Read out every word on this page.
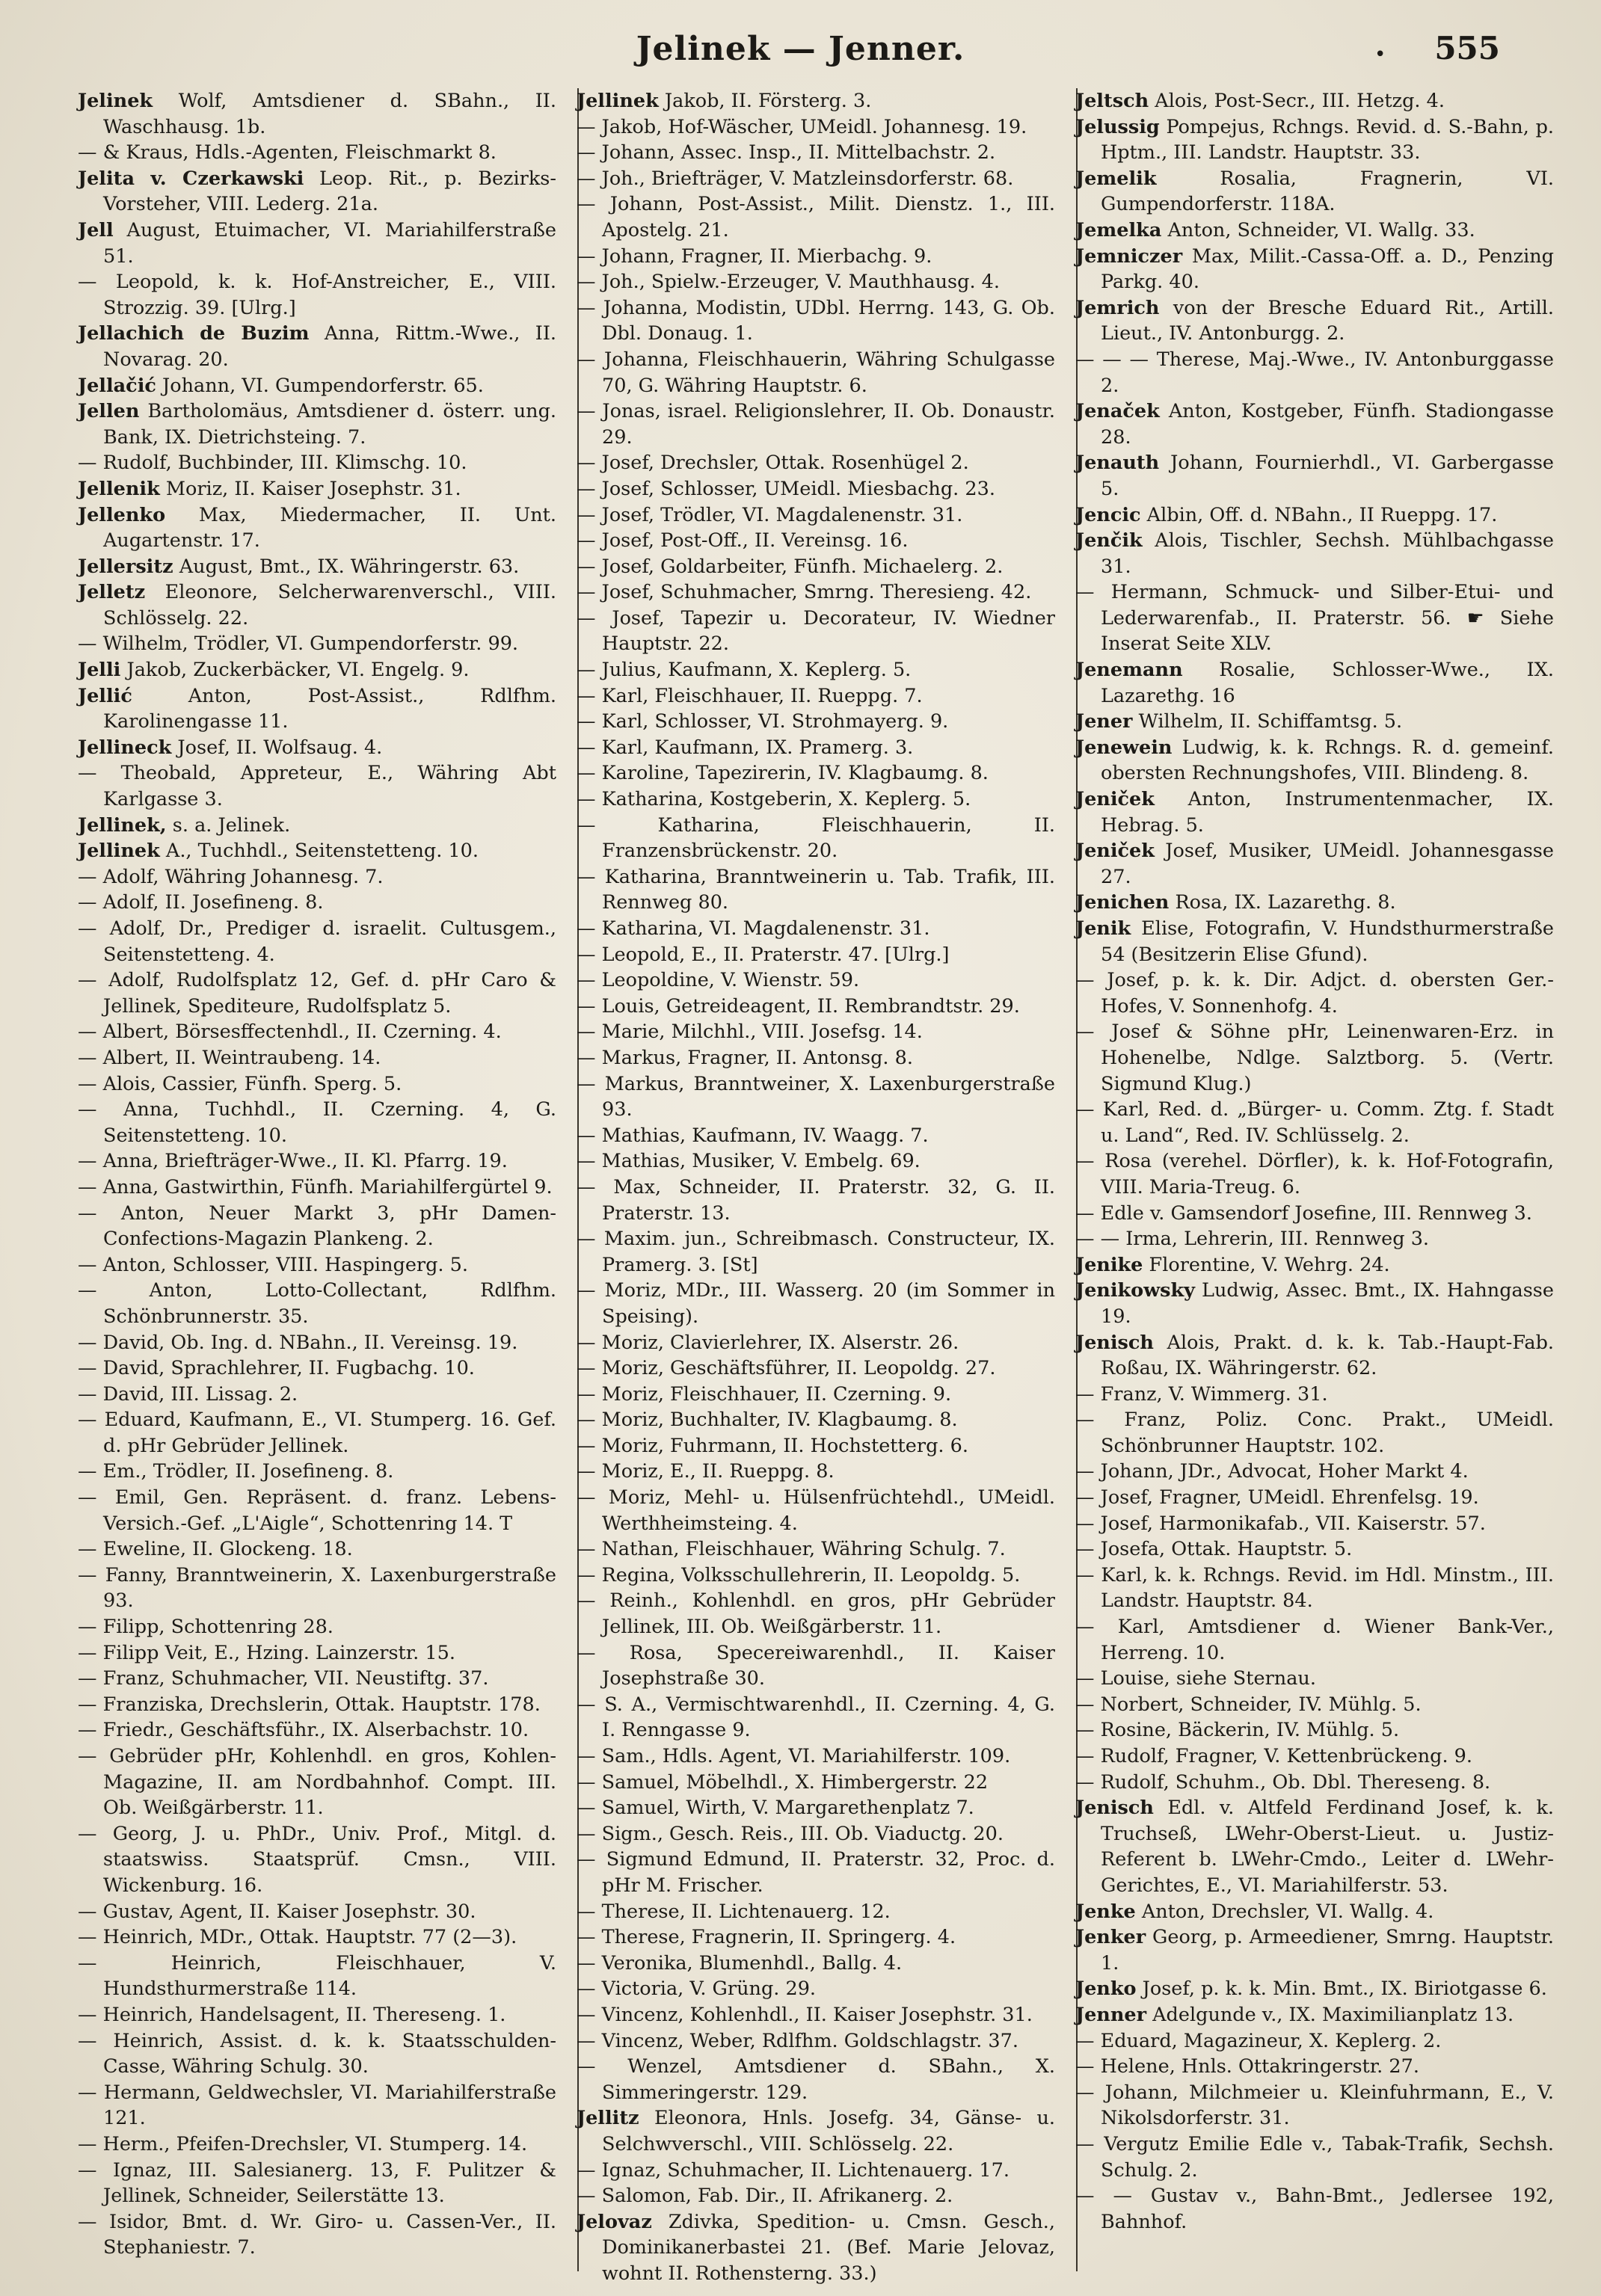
Jelinek — Jenner.	• 555

Jelinek Wolf, Amtsdiener d. SBahn., II. Waschhausg. 1b.

— & Kraus, Hdls.-Agenten, Fleischmarkt 8.

Jelita v. Czerkawski Leop. Rit., p. Bezirks-Vorsteher, VIII. Lederg. 21a.

Jell August, Etuimacher, VI. Mariahilferstraße 51.

— Leopold, k. k. Hof-Anstreicher, E., VIII. Strozzig. 39. [Ulrg.]

Jellachich de Buzim Anna, Rittm.-Wwe., II. Novarag. 20.

Jellačić Johann, VI. Gumpendorferstr. 65.

Jellen Bartholomäus, Amtsdiener d. österr. ung. Bank, IX. Dietrichsteing. 7.

— Rudolf, Buchbinder, III. Klimschg. 10.

Jellenik Moriz, II. Kaiser Josephstr. 31.

Jellenko Max, Miedermacher, II. Unt. Augartenstr. 17.

Jellersitz August, Bmt., IX. Währingerstr. 63.

Jelletz Eleonore, Selcherwarenverschl., VIII. Schlösselg. 22.

— Wilhelm, Trödler, VI. Gumpendorferstr. 99.

Jelli Jakob, Zuckerbäcker, VI. Engelg. 9.

Jellić Anton, Post-Assist., Rdlfhm. Karolinengasse 11.

Jellineck Josef, II. Wolfsaug. 4.

— Theobald, Appreteur, E., Währing Abt Karlgasse 3.

Jellinek, s. a. Jelinek.

Jellinek A., Tuchhdl., Seitenstetteng. 10.

— Adolf, Währing Johannesg. 7.

— Adolf, II. Josefineng. 8.

— Adolf, Dr., Prediger d. israelit. Cultusgem., Seitenstetteng. 4.

— Adolf, Rudolfsplatz 12, Gef. d. pHr Caro & Jellinek, Spediteure, Rudolfsplatz 5.

— Albert, Börsesffectenhdl., II. Czerning. 4.

— Albert, II. Weintraubeng. 14.

— Alois, Cassier, Fünfh. Sperg. 5.

— Anna, Tuchhdl., II. Czerning. 4, G. Seitenstetteng. 10.

— Anna, Briefträger-Wwe., II. Kl. Pfarrg. 19.

— Anna, Gastwirthin, Fünfh. Mariahilfergürtel 9.

— Anton, Neuer Markt 3, pHr Damen-Confections-Magazin Plankeng. 2.

— Anton, Schlosser, VIII. Haspingerg. 5.

— Anton, Lotto-Collectant, Rdlfhm. Schönbrunnerstr. 35.

— David, Ob. Ing. d. NBahn., II. Vereinsg. 19.

— David, Sprachlehrer, II. Fugbachg. 10.

— David, III. Lissag. 2.

— Eduard, Kaufmann, E., VI. Stumperg. 16. Gef. d. pHr Gebrüder Jellinek.

— Em., Trödler, II. Josefineng. 8.

— Emil, Gen. Repräsent. d. franz. Lebens-Versich.-Gef. „L'Aigle“, Schottenring 14. T

— Eweline, II. Glockeng. 18.

— Fanny, Branntweinerin, X. Laxenburgerstraße 93.

— Filipp, Schottenring 28.

— Filipp Veit, E., Hzing. Lainzerstr. 15.

— Franz, Schuhmacher, VII. Neustiftg. 37.

— Franziska, Drechslerin, Ottak. Hauptstr. 178.

— Friedr., Geschäftsführ., IX. Alserbachstr. 10.

— Gebrüder pHr, Kohlenhdl. en gros, Kohlen-Magazine, II. am Nordbahnhof. Compt. III. Ob. Weißgärberstr. 11.

— Georg, J. u. PhDr., Univ. Prof., Mitgl. d. staatswiss. Staatsprüf. Cmsn., VIII. Wickenburg. 16.

— Gustav, Agent, II. Kaiser Josephstr. 30.

— Heinrich, MDr., Ottak. Hauptstr. 77 (2—3).

— Heinrich, Fleischhauer, V. Hundsthurmerstraße 114.

— Heinrich, Handelsagent, II. Thereseng. 1.

— Heinrich, Assist. d. k. k. Staatsschulden-Casse, Währing Schulg. 30.

— Hermann, Geldwechsler, VI. Mariahilferstraße 121.

— Herm., Pfeifen-Drechsler, VI. Stumperg. 14.

— Ignaz, III. Salesianerg. 13, F. Pulitzer & Jellinek, Schneider, Seilerstätte 13.

— Isidor, Bmt. d. Wr. Giro- u. Cassen-Ver., II. Stephaniestr. 7.

Jellinek Jakob, II. Försterg. 3.

— Jakob, Hof-Wäscher, UMeidl. Johannesg. 19.

— Johann, Assec. Insp., II. Mittelbachstr. 2.

— Joh., Briefträger, V. Matzleinsdorferstr. 68.

— Johann, Post-Assist., Milit. Dienstz. 1., III. Apostelg. 21.

— Johann, Fragner, II. Mierbachg. 9.

— Joh., Spielw.-Erzeuger, V. Mauthhausg. 4.

— Johanna, Modistin, UDbl. Herrng. 143, G. Ob. Dbl. Donaug. 1.

— Johanna, Fleischhauerin, Währing Schulgasse 70, G. Währing Hauptstr. 6.

— Jonas, israel. Religionslehrer, II. Ob. Donaustr. 29.

— Josef, Drechsler, Ottak. Rosenhügel 2.

— Josef, Schlosser, UMeidl. Miesbachg. 23.

— Josef, Trödler, VI. Magdalenenstr. 31.

— Josef, Post-Off., II. Vereinsg. 16.

— Josef, Goldarbeiter, Fünfh. Michaelerg. 2.

— Josef, Schuhmacher, Smrng. Theresieng. 42.

— Josef, Tapezir u. Decorateur, IV. Wiedner Hauptstr. 22.

— Julius, Kaufmann, X. Keplerg. 5.

— Karl, Fleischhauer, II. Rueppg. 7.

— Karl, Schlosser, VI. Strohmayerg. 9.

— Karl, Kaufmann, IX. Pramerg. 3.

— Karoline, Tapezirerin, IV. Klagbaumg. 8.

— Katharina, Kostgeberin, X. Keplerg. 5.

— Katharina, Fleischhauerin, II. Franzensbrückenstr. 20.

— Katharina, Branntweinerin u. Tab. Trafik, III. Rennweg 80.

— Katharina, VI. Magdalenenstr. 31.

— Leopold, E., II. Praterstr. 47. [Ulrg.]

— Leopoldine, V. Wienstr. 59.

— Louis, Getreideagent, II. Rembrandtstr. 29.

— Marie, Milchhl., VIII. Josefsg. 14.

— Markus, Fragner, II. Antonsg. 8.

— Markus, Branntweiner, X. Laxenburgerstraße 93.

— Mathias, Kaufmann, IV. Waagg. 7.

— Mathias, Musiker, V. Embelg. 69.

— Max, Schneider, II. Praterstr. 32, G. II. Praterstr. 13.

— Maxim. jun., Schreibmasch. Constructeur, IX. Pramerg. 3. [St]

— Moriz, MDr., III. Wasserg. 20 (im Sommer in Speising).

— Moriz, Clavierlehrer, IX. Alserstr. 26.

— Moriz, Geschäftsführer, II. Leopoldg. 27.

— Moriz, Fleischhauer, II. Czerning. 9.

— Moriz, Buchhalter, IV. Klagbaumg. 8.

— Moriz, Fuhrmann, II. Hochstetterg. 6.

— Moriz, E., II. Rueppg. 8.

— Moriz, Mehl- u. Hülsenfrüchtehdl., UMeidl. Werthheimsteing. 4.

— Nathan, Fleischhauer, Währing Schulg. 7.

— Regina, Volksschullehrerin, II. Leopoldg. 5.

— Reinh., Kohlenhdl. en gros, pHr Gebrüder Jellinek, III. Ob. Weißgärberstr. 11.

— Rosa, Specereiwarenhdl., II. Kaiser Josephstraße 30.

— S. A., Vermischtwarenhdl., II. Czerning. 4, G. I. Renngasse 9.

— Sam., Hdls. Agent, VI. Mariahilferstr. 109.

— Samuel, Möbelhdl., X. Himbergerstr. 22

— Samuel, Wirth, V. Margarethenplatz 7.

— Sigm., Gesch. Reis., III. Ob. Viaductg. 20.

— Sigmund Edmund, II. Praterstr. 32, Proc. d. pHr M. Frischer.

— Therese, II. Lichtenauerg. 12.

— Therese, Fragnerin, II. Springerg. 4.

— Veronika, Blumenhdl., Ballg. 4.

— Victoria, V. Grüng. 29.

— Vincenz, Kohlenhdl., II. Kaiser Josephstr. 31.

— Vincenz, Weber, Rdlfhm. Goldschlagstr. 37.

— Wenzel, Amtsdiener d. SBahn., X. Simmeringerstr. 129.

Jellitz Eleonora, Hnls. Josefg. 34, Gänse- u. Selchwverschl., VIII. Schlösselg. 22.

— Ignaz, Schuhmacher, II. Lichtenauerg. 17.

— Salomon, Fab. Dir., II. Afrikanerg. 2.

Jelovaz Zdivka, Spedition- u. Cmsn. Gesch., Dominikanerbastei 21. (Bef. Marie Jelovaz, wohnt II. Rothensterng. 33.)

Jeltsch Alois, Post-Secr., III. Hetzg. 4.

Jelussig Pompejus, Rchngs. Revid. d. S.-Bahn, p. Hptm., III. Landstr. Hauptstr. 33.

Jemelik Rosalia, Fragnerin, VI. Gumpendorferstr. 118A.

Jemelka Anton, Schneider, VI. Wallg. 33.

Jemniczer Max, Milit.-Cassa-Off. a. D., Penzing Parkg. 40.

Jemrich von der Bresche Eduard Rit., Artill. Lieut., IV. Antonburgg. 2.

— — — Therese, Maj.-Wwe., IV. Antonburggasse 2.

Jenaček Anton, Kostgeber, Fünfh. Stadiongasse 28.

Jenauth Johann, Fournierhdl., VI. Garbergasse 5.

Jencic Albin, Off. d. NBahn., II Rueppg. 17.

Jenčik Alois, Tischler, Sechsh. Mühlbachgasse 31.

— Hermann, Schmuck- und Silber-Etui- und Lederwarenfab., II. Praterstr. 56. ☛ Siehe Inserat Seite XLV.

Jenemann Rosalie, Schlosser-Wwe., IX. Lazarethg. 16

Jener Wilhelm, II. Schiffamtsg. 5.

Jenewein Ludwig, k. k. Rchngs. R. d. gemeinf. obersten Rechnungshofes, VIII. Blindeng. 8.

Jeniček Anton, Instrumentenmacher, IX. Hebrag. 5.

Jeniček Josef, Musiker, UMeidl. Johannesgasse 27.

Jenichen Rosa, IX. Lazarethg. 8.

Jenik Elise, Fotografin, V. Hundsthurmerstraße 54 (Besitzerin Elise Gfund).

— Josef, p. k. k. Dir. Adjct. d. obersten Ger.-Hofes, V. Sonnenhofg. 4.

— Josef & Söhne pHr, Leinenwaren-Erz. in Hohenelbe, Ndlge. Salztborg. 5. (Vertr. Sigmund Klug.)

— Karl, Red. d. „Bürger- u. Comm. Ztg. f. Stadt u. Land“, Red. IV. Schlüsselg. 2.

— Rosa (verehel. Dörfler), k. k. Hof-Fotografin, VIII. Maria-Treug. 6.

— Edle v. Gamsendorf Josefine, III. Rennweg 3.

— — Irma, Lehrerin, III. Rennweg 3.

Jenike Florentine, V. Wehrg. 24.

Jenikowsky Ludwig, Assec. Bmt., IX. Hahngasse 19.

Jenisch Alois, Prakt. d. k. k. Tab.-Haupt-Fab. Roßau, IX. Währingerstr. 62.

— Franz, V. Wimmerg. 31.

— Franz, Poliz. Conc. Prakt., UMeidl. Schönbrunner Hauptstr. 102.

— Johann, JDr., Advocat, Hoher Markt 4.

— Josef, Fragner, UMeidl. Ehrenfelsg. 19.

— Josef, Harmonikafab., VII. Kaiserstr. 57.

— Josefa, Ottak. Hauptstr. 5.

— Karl, k. k. Rchngs. Revid. im Hdl. Minstm., III. Landstr. Hauptstr. 84.

— Karl, Amtsdiener d. Wiener Bank-Ver., Herreng. 10.

— Louise, siehe Sternau.

— Norbert, Schneider, IV. Mühlg. 5.

— Rosine, Bäckerin, IV. Mühlg. 5.

— Rudolf, Fragner, V. Kettenbrückeng. 9.

— Rudolf, Schuhm., Ob. Dbl. Thereseng. 8.

Jenisch Edl. v. Altfeld Ferdinand Josef, k. k. Truchseß, LWehr-Oberst-Lieut. u. Justiz-Referent b. LWehr-Cmdo., Leiter d. LWehr-Gerichtes, E., VI. Mariahilferstr. 53.

Jenke Anton, Drechsler, VI. Wallg. 4.

Jenker Georg, p. Armeediener, Smrng. Hauptstr. 1.

Jenko Josef, p. k. k. Min. Bmt., IX. Biriotgasse 6.

Jenner Adelgunde v., IX. Maximilianplatz 13.

— Eduard, Magazineur, X. Keplerg. 2.

— Helene, Hnls. Ottakringerstr. 27.

— Johann, Milchmeier u. Kleinfuhrmann, E., V. Nikolsdorferstr. 31.

— Vergutz Emilie Edle v., Tabak-Trafik, Sechsh. Schulg. 2.

— — Gustav v., Bahn-Bmt., Jedlersee 192, Bahnhof.
